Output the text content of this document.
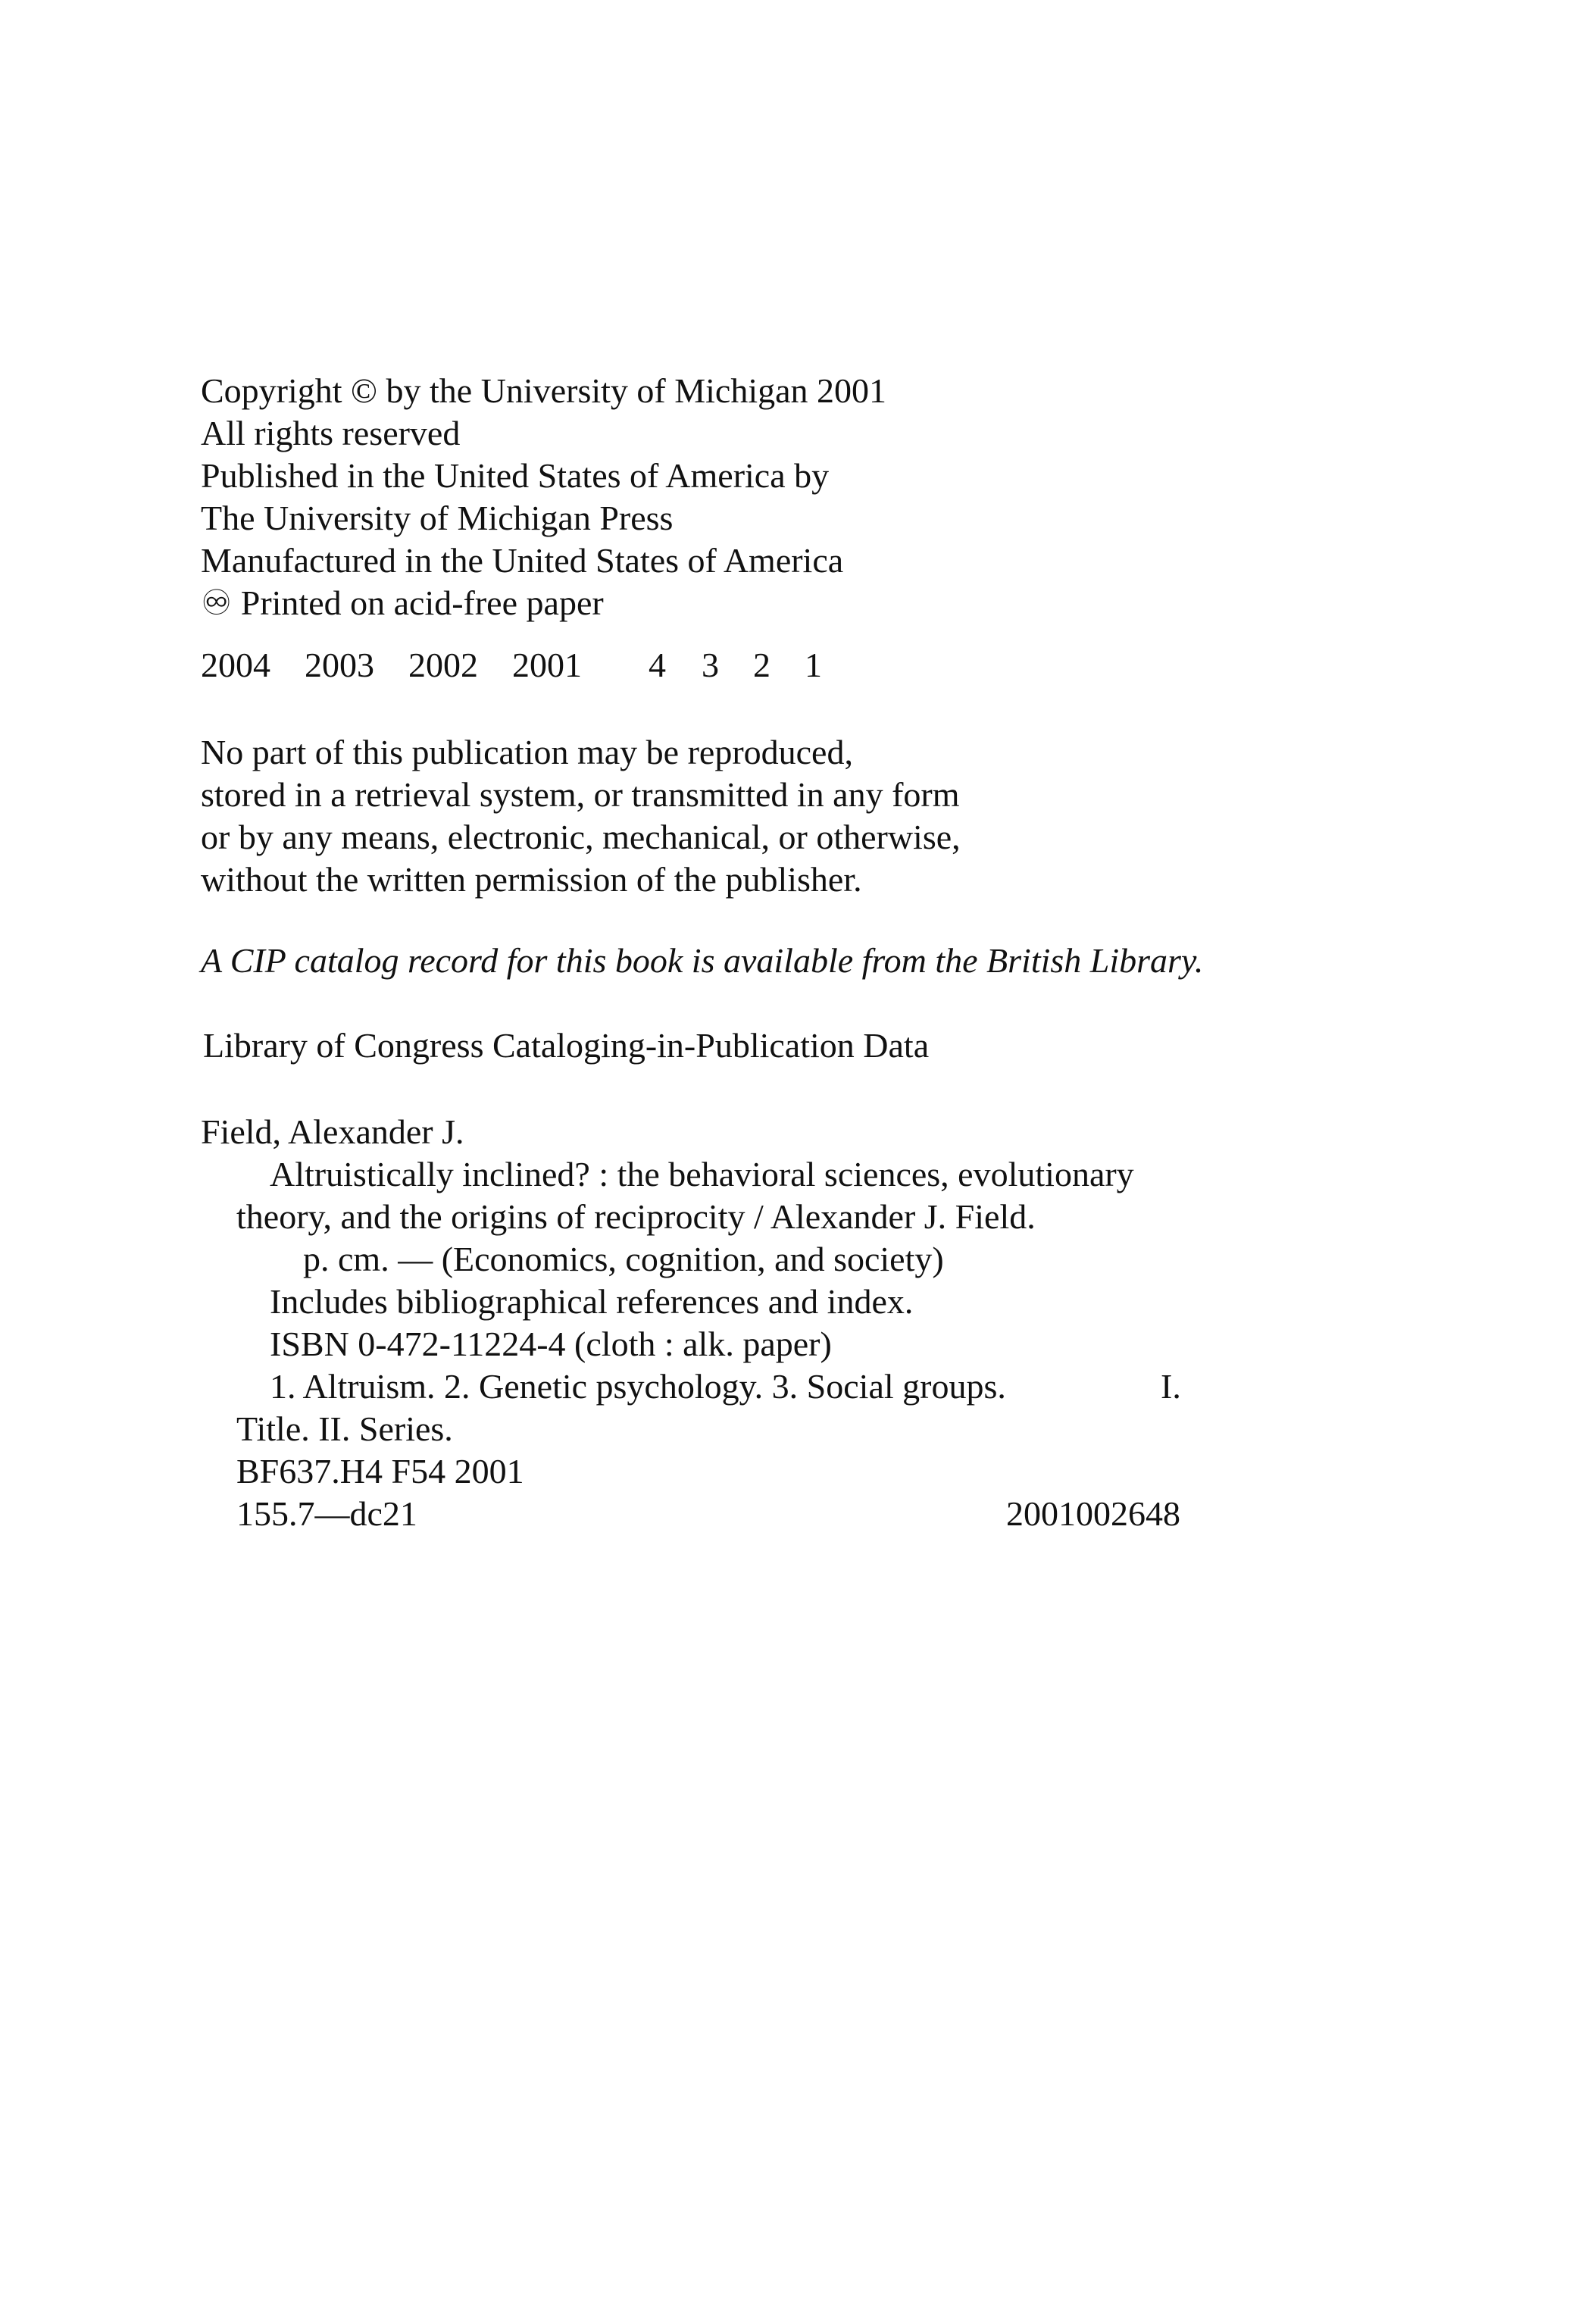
Copyright © by the University of Michigan 2001
All rights reserved
Published in the United States of America by
The University of Michigan Press
Manufactured in the United States of America
♾ Printed on acid-free paper
2004 2003 2002 2001 4 3 2 1
No part of this publication may be reproduced,
stored in a retrieval system, or transmitted in any form
or by any means, electronic, mechanical, or otherwise,
without the written permission of the publisher.
A CIP catalog record for this book is available from the British Library.
Library of Congress Cataloging-in-Publication Data
Field, Alexander J.
Altruistically inclined? : the behavioral sciences, evolutionary
theory, and the origins of reciprocity / Alexander J. Field.
p. cm. — (Economics, cognition, and society)
Includes bibliographical references and index.
ISBN 0-472-11224-4 (cloth : alk. paper)
1. Altruism. 2. Genetic psychology. 3. Social groups.	I.
Title. II. Series.
BF637.H4 F54 2001
155.7—dc21	2001002648
